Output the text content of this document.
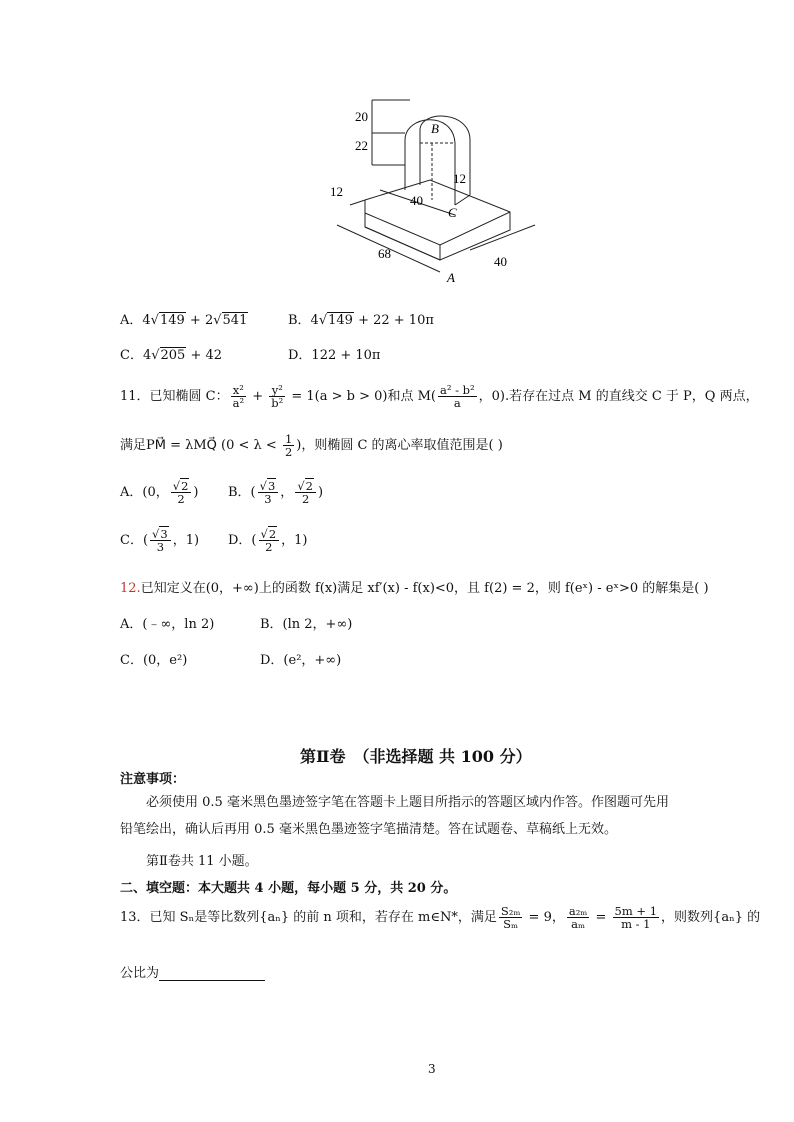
20
22
B
12
40
C
12
68
A
40
A．4√149 + 2√541	B．4√149 + 22 + 10π
C．4√205 + 42	D．122 + 10π
11．已知椭圆 C： $\frac{\text{x²}}{\text{a²}} + \frac{\text{y²}}{\text{b²}} = 1(a > b > 0)$和点 $M( \frac{\text{a² - b²}}{a}$ ，0).若存在过点 M 的直线交 C 于 P，Q 两点，
满足PM⃗ = λMQ⃗ ($0 < \lambda < \frac{1}{2}$ )，则椭圆 C 的离心率取值范围是( )
A．(0， $\frac{√2}{2}$ ) B．( $\frac{√3}{3}$ ， $\frac{√2}{2}$ )
C．( $\frac{√3}{3}$ ，1) D．( $\frac{√2}{2}$ ，1)
12.已知定义在(0，+∞)上的函数 f(x)满足 xf′(x) - f(x)<0，且 f(2) = 2，则 f(eˣ) - eˣ>0 的解集是( )
A．(﹣∞，ln 2)	B．(ln 2，+∞)
C．(0，e²)	D．(e²，+∞)
第Ⅱ卷　（非选择题 共 100 分）
注意事项：
必须使用 0.5 毫米黑色墨迹签字笔在答题卡上题目所指示的答题区域内作答。作图题可先用铅笔绘出，确认后再用 0.5 毫米黑色墨迹签字笔描清楚。答在试题卷、草稿纸上无效。
第Ⅱ卷共 11 小题。
二、填空题：本大题共 4 小题，每小题 5 分，共 20 分。
13．已知 Sₙ是等比数列{aₙ} 的前 n 项和，若存在 m∈N*，满足 $\frac{\text{S₂ₘ}}{\text{Sₘ}} = 9$， $\frac{\text{a₂ₘ}}{\text{aₘ}} = \frac{5m + 1}{m - 1}$ ，则数列{aₙ} 的
公比为
3
